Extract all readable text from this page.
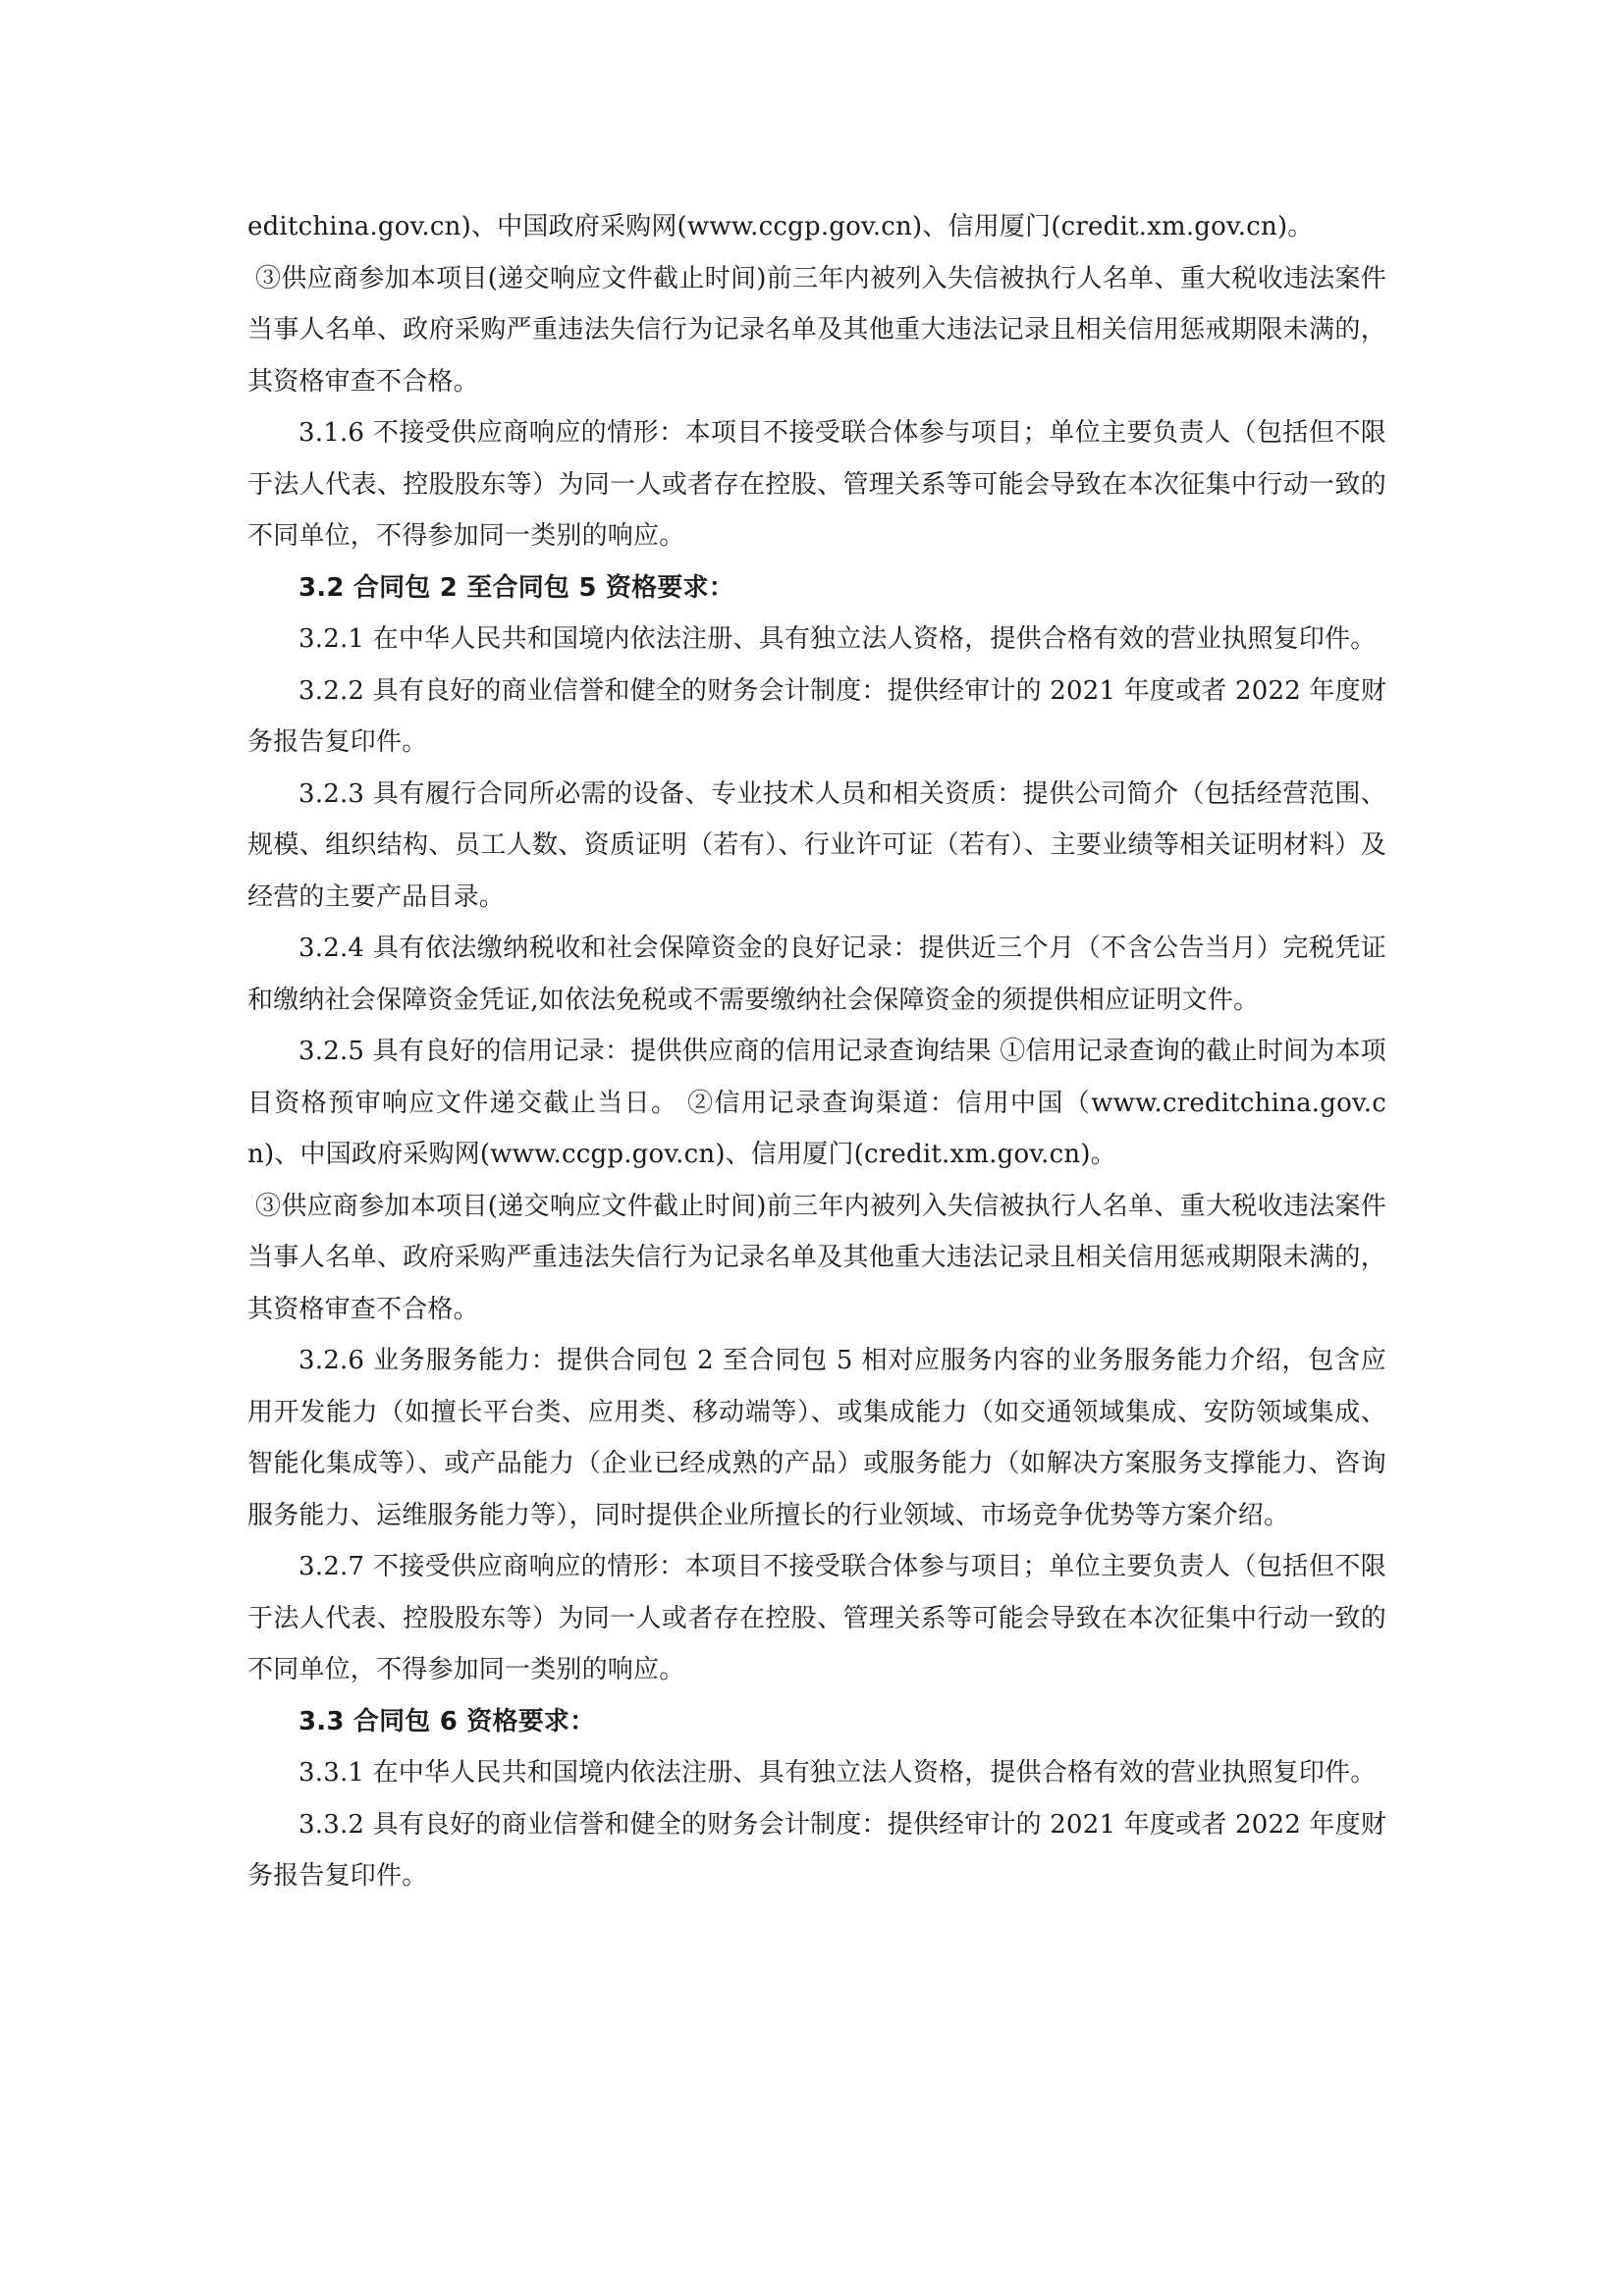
editchina.gov.cn)、中国政府采购网(www.ccgp.gov.cn)、信用厦门(credit.xm.gov.cn)。

③供应商参加本项目(递交响应文件截止时间)前三年内被列入失信被执行人名单、重大税收违法案件当事人名单、政府采购严重违法失信行为记录名单及其他重大违法记录且相关信用惩戒期限未满的，其资格审查不合格。

3.1.6 不接受供应商响应的情形：本项目不接受联合体参与项目；单位主要负责人（包括但不限于法人代表、控股股东等）为同一人或者存在控股、管理关系等可能会导致在本次征集中行动一致的不同单位，不得参加同一类别的响应。

3.2 合同包 2 至合同包 5 资格要求：

3.2.1 在中华人民共和国境内依法注册、具有独立法人资格，提供合格有效的营业执照复印件。

3.2.2 具有良好的商业信誉和健全的财务会计制度：提供经审计的 2021 年度或者 2022 年度财务报告复印件。

3.2.3 具有履行合同所必需的设备、专业技术人员和相关资质：提供公司简介（包括经营范围、规模、组织结构、员工人数、资质证明（若有）、行业许可证（若有）、主要业绩等相关证明材料）及经营的主要产品目录。

3.2.4 具有依法缴纳税收和社会保障资金的良好记录：提供近三个月（不含公告当月）完税凭证和缴纳社会保障资金凭证,如依法免税或不需要缴纳社会保障资金的须提供相应证明文件。

3.2.5 具有良好的信用记录：提供供应商的信用记录查询结果 ①信用记录查询的截止时间为本项目资格预审响应文件递交截止当日。 ②信用记录查询渠道：信用中国（www.creditchina.gov.cn)、中国政府采购网(www.ccgp.gov.cn)、信用厦门(credit.xm.gov.cn)。

③供应商参加本项目(递交响应文件截止时间)前三年内被列入失信被执行人名单、重大税收违法案件当事人名单、政府采购严重违法失信行为记录名单及其他重大违法记录且相关信用惩戒期限未满的，其资格审查不合格。

3.2.6 业务服务能力：提供合同包 2 至合同包 5 相对应服务内容的业务服务能力介绍，包含应用开发能力（如擅长平台类、应用类、移动端等）、或集成能力（如交通领域集成、安防领域集成、智能化集成等）、或产品能力（企业已经成熟的产品）或服务能力（如解决方案服务支撑能力、咨询服务能力、运维服务能力等），同时提供企业所擅长的行业领域、市场竞争优势等方案介绍。

3.2.7 不接受供应商响应的情形：本项目不接受联合体参与项目；单位主要负责人（包括但不限于法人代表、控股股东等）为同一人或者存在控股、管理关系等可能会导致在本次征集中行动一致的不同单位，不得参加同一类别的响应。

3.3 合同包 6 资格要求：

3.3.1 在中华人民共和国境内依法注册、具有独立法人资格，提供合格有效的营业执照复印件。

3.3.2 具有良好的商业信誉和健全的财务会计制度：提供经审计的 2021 年度或者 2022 年度财务报告复印件。
